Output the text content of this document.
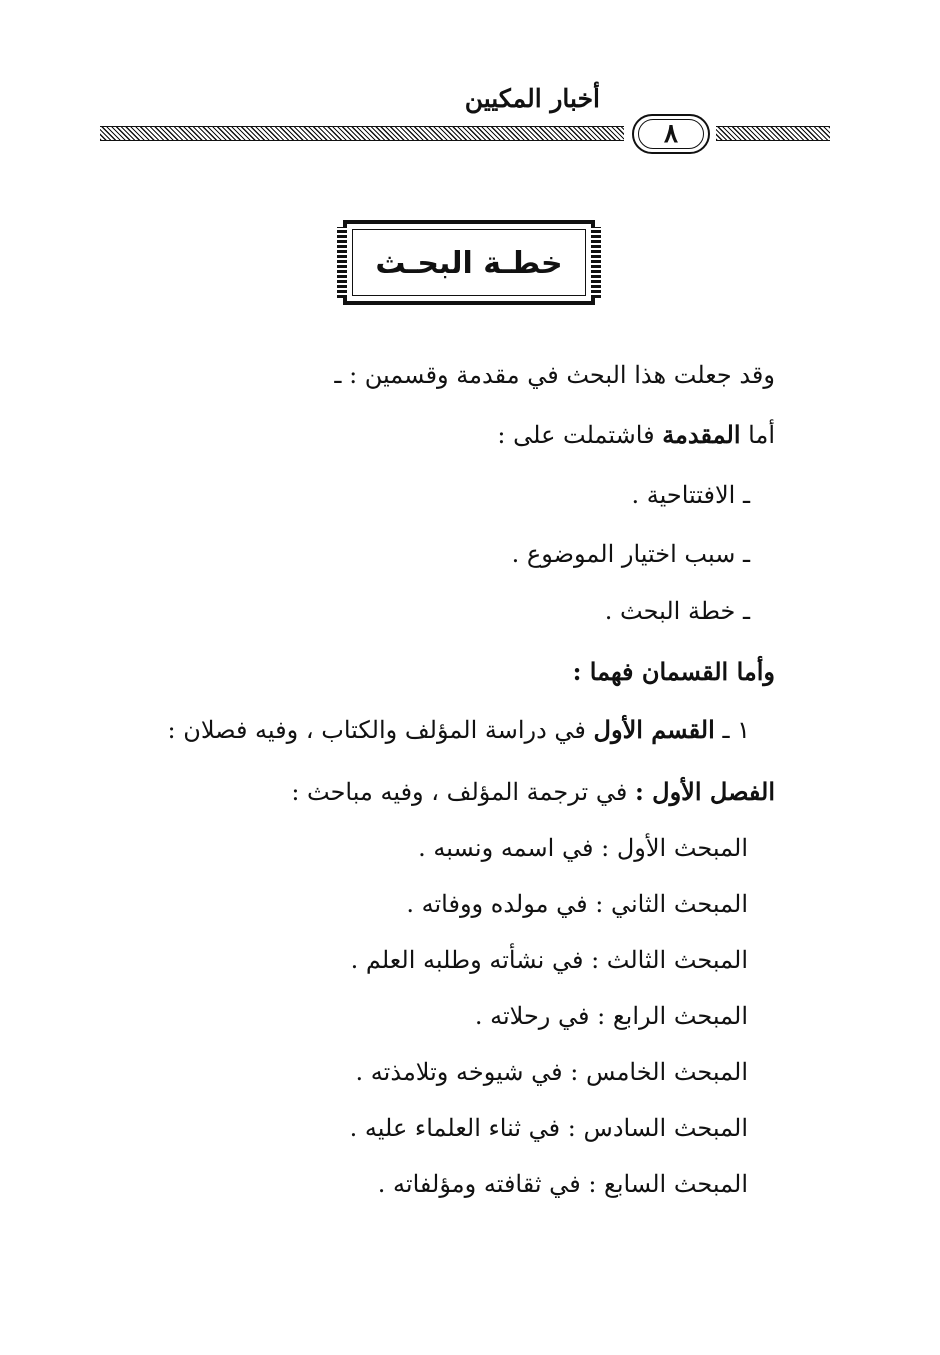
أخبار المكيين
٨
خطـة البحـث
وقد جعلت هذا البحث في مقدمة وقسمين : ـ
أما المقدمة فاشتملت على :
ـ الافتتاحية .
ـ سبب اختيار الموضوع .
ـ خطة البحث .
وأما القسمان فهما :
١ ـ القسم الأول في دراسة المؤلف والكتاب ، وفيه فصلان :
الفصل الأول : في ترجمة المؤلف ، وفيه مباحث :
المبحث الأول : في اسمه ونسبه .
المبحث الثاني : في مولده ووفاته .
المبحث الثالث : في نشأته وطلبه العلم .
المبحث الرابع : في رحلاته .
المبحث الخامس : في شيوخه وتلامذته .
المبحث السادس : في ثناء العلماء عليه .
المبحث السابع : في ثقافته ومؤلفاته .
